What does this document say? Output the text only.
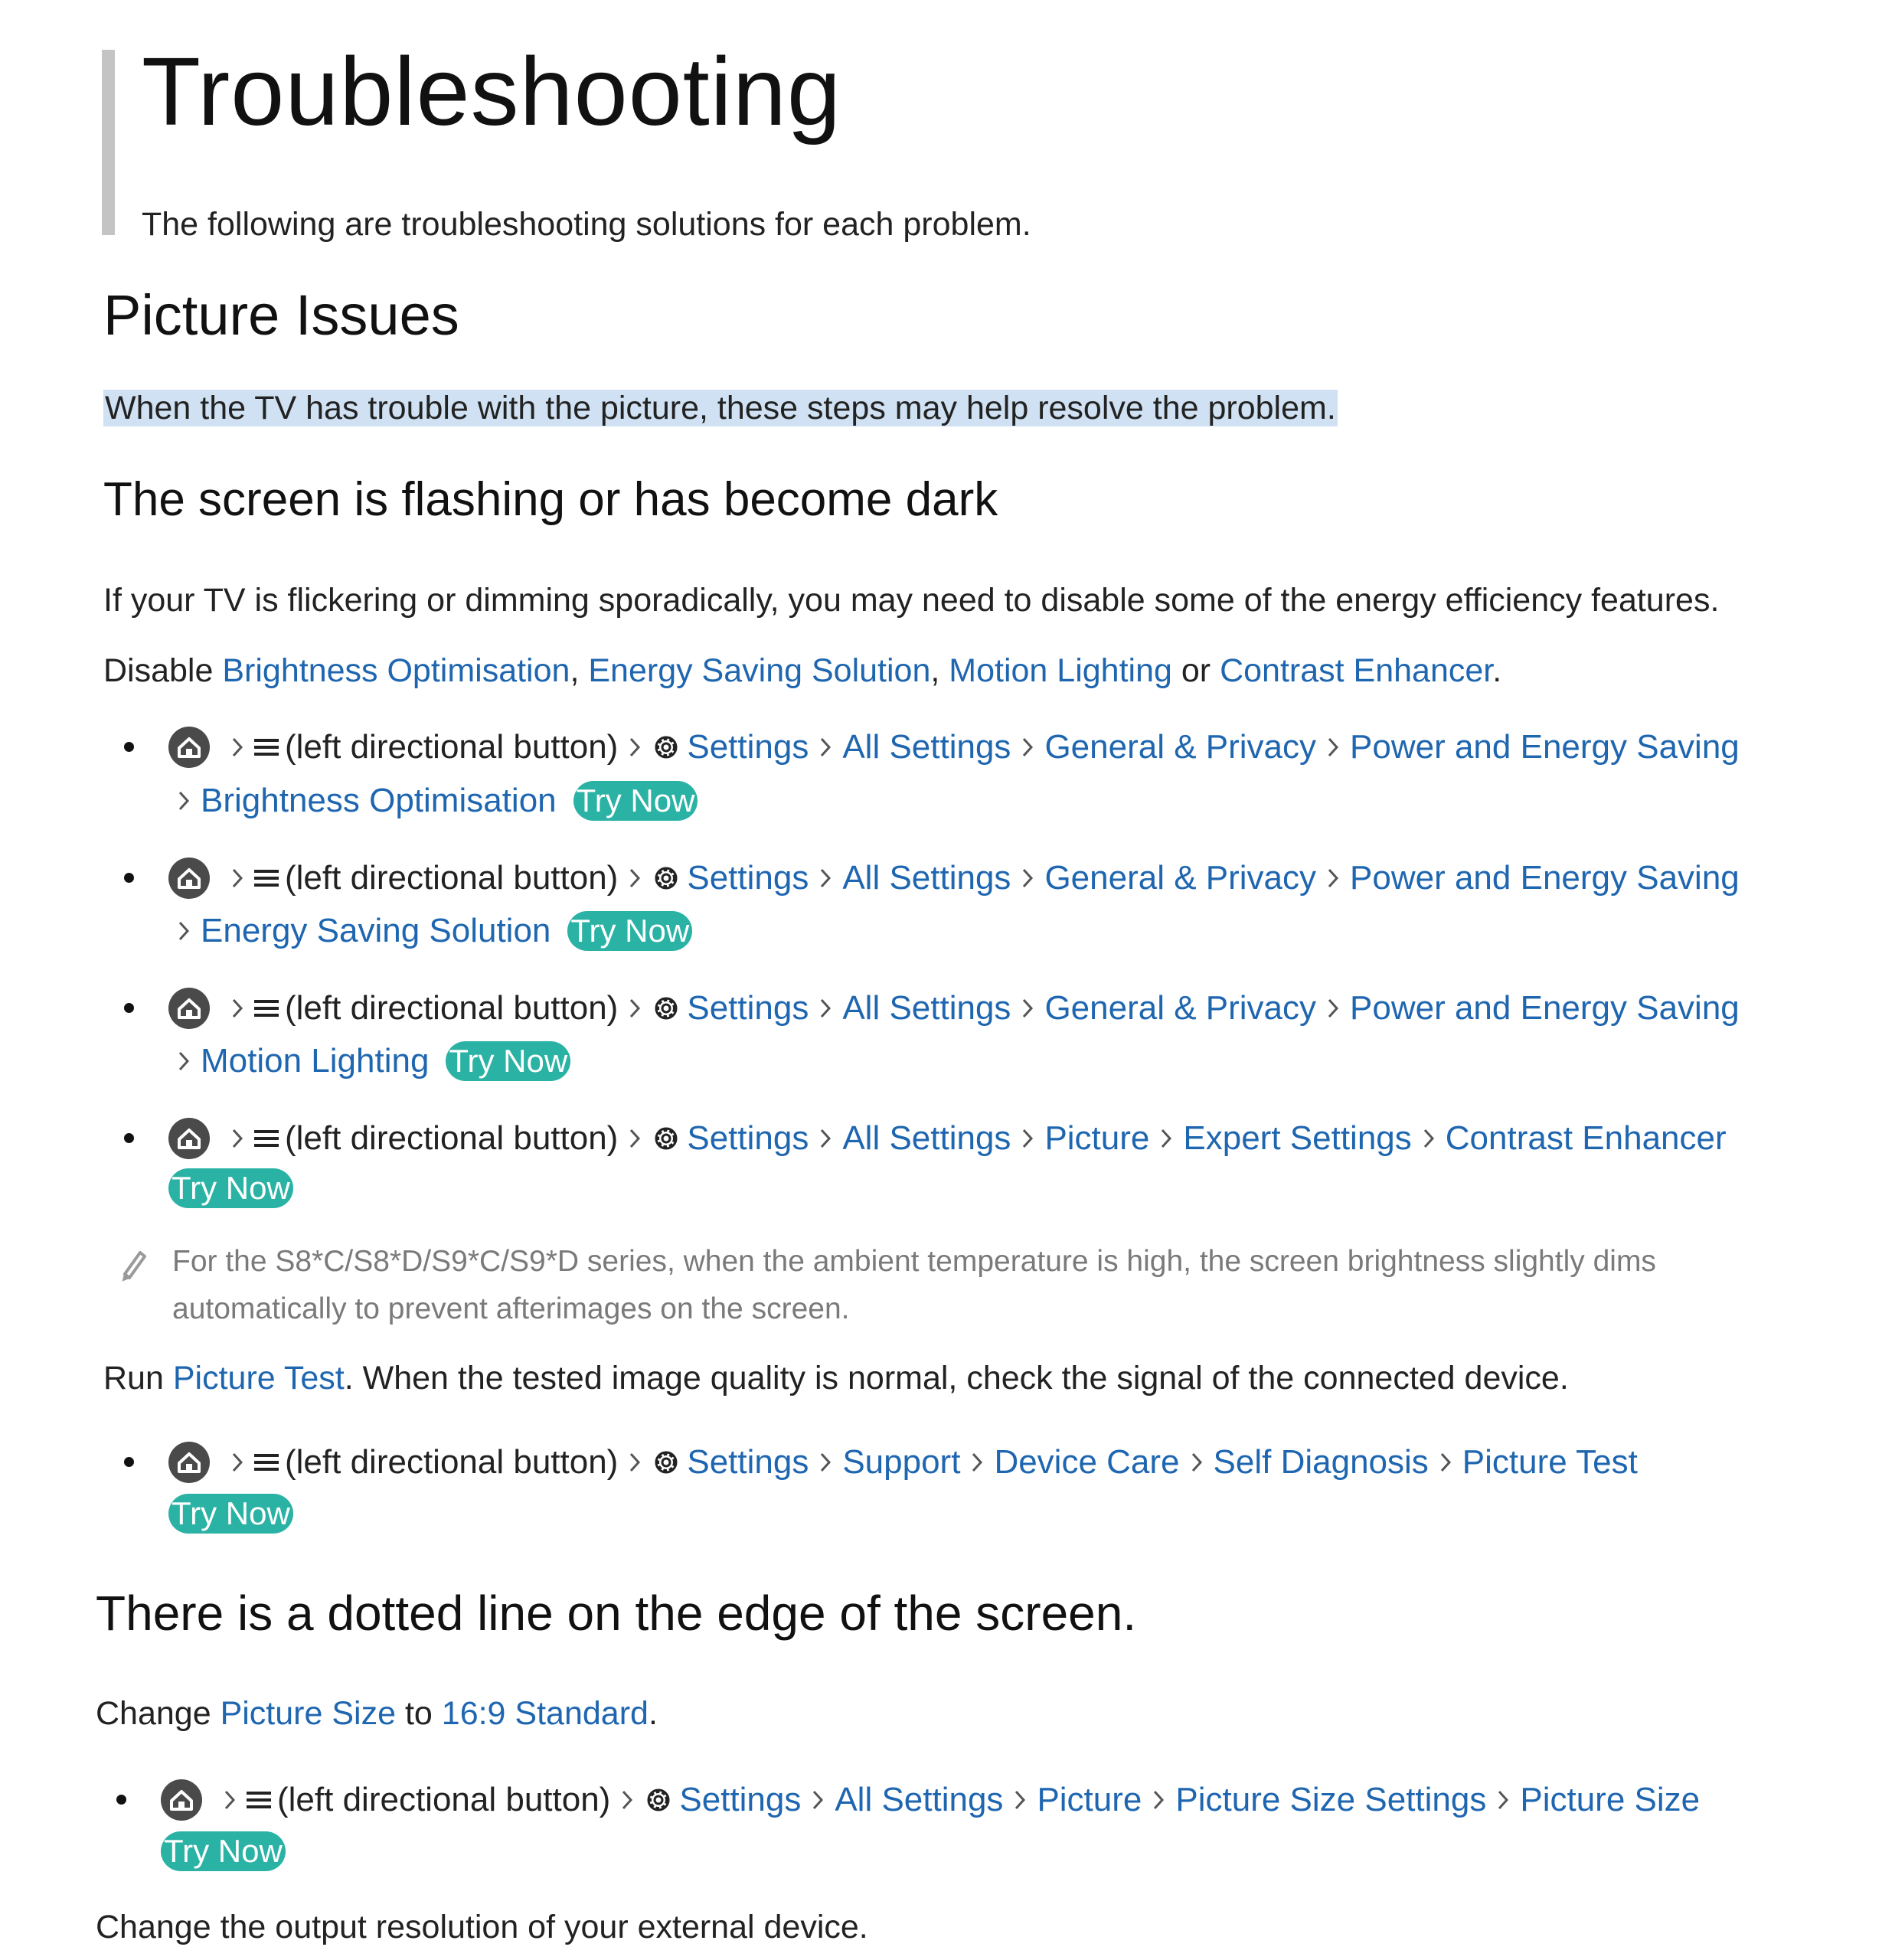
Troubleshooting
The following are troubleshooting solutions for each problem.
Picture Issues
When the TV has trouble with the picture, these steps may help resolve the problem.
The screen is flashing or has become dark
If your TV is flickering or dimming sporadically, you may need to disable some of the energy efficiency features.
Disable Brightness Optimisation, Energy Saving Solution, Motion Lighting or Contrast Enhancer.
(left directional button) Settings All Settings General & Privacy Power and Energy Saving
Brightness Optimisation Try Now
(left directional button) Settings All Settings General & Privacy Power and Energy Saving
Energy Saving Solution Try Now
(left directional button) Settings All Settings General & Privacy Power and Energy Saving
Motion Lighting Try Now
(left directional button) Settings All Settings Picture Expert Settings Contrast Enhancer
Try Now
For the S8*C/S8*D/S9*C/S9*D series, when the ambient temperature is high, the screen brightness slightly dims
automatically to prevent afterimages on the screen.
Run Picture Test. When the tested image quality is normal, check the signal of the connected device.
(left directional button) Settings Support Device Care Self Diagnosis Picture Test
Try Now
There is a dotted line on the edge of the screen.
Change Picture Size to 16:9 Standard.
(left directional button) Settings All Settings Picture Picture Size Settings Picture Size
Try Now
Change the output resolution of your external device.
